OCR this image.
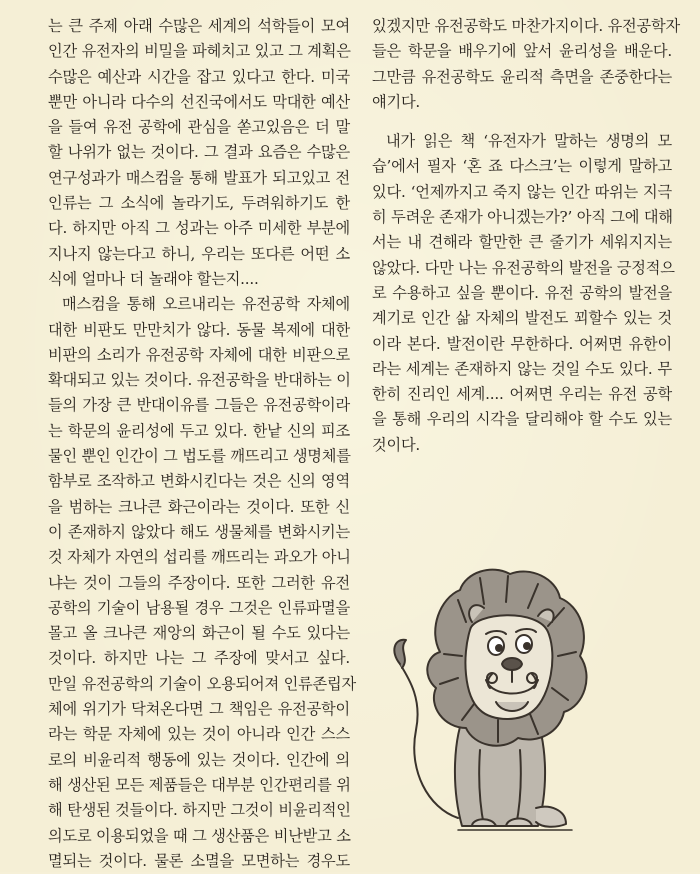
는 큰 주제 아래 수많은 세계의 석학들이 모여
인간 유전자의 비밀을 파헤치고 있고 그 계획은
수많은 예산과 시간을 잡고 있다고 한다. 미국
뿐만 아니라 다수의 선진국에서도 막대한 예산
을 들여 유전 공학에 관심을 쏟고있음은 더 말
할 나위가 없는 것이다. 그 결과 요즘은 수많은
연구성과가 매스컴을 통해 발표가 되고있고 전
인류는 그 소식에 놀라기도, 두려워하기도 한
다. 하지만 아직 그 성과는 아주 미세한 부분에
지나지 않는다고 하니, 우리는 또다른 어떤 소
식에 얼마나 더 놀래야 할는지....
매스컴을 통해 오르내리는 유전공학 자체에
대한 비판도 만만치가 않다. 동물 복제에 대한
비판의 소리가 유전공학 자체에 대한 비판으로
확대되고 있는 것이다. 유전공학을 반대하는 이
들의 가장 큰 반대이유를 그들은 유전공학이라
는 학문의 윤리성에 두고 있다. 한낱 신의 피조
물인 뿐인 인간이 그 법도를 깨뜨리고 생명체를
함부로 조작하고 변화시킨다는 것은 신의 영역
을 범하는 크나큰 화근이라는 것이다. 또한 신
이 존재하지 않았다 해도 생물체를 변화시키는
것 자체가 자연의 섭리를 깨뜨리는 과오가 아니
냐는 것이 그들의 주장이다. 또한 그러한 유전
공학의 기술이 남용될 경우 그것은 인류파멸을
몰고 올 크나큰 재앙의 화근이 될 수도 있다는
것이다. 하지만 나는 그 주장에 맞서고 싶다.
만일 유전공학의 기술이 오용되어져 인류존립자
체에 위기가 닥쳐온다면 그 책임은 유전공학이
라는 학문 자체에 있는 것이 아니라 인간 스스
로의 비윤리적 행동에 있는 것이다. 인간에 의
해 생산된 모든 제품들은 대부분 인간편리를 위
해 탄생된 것들이다. 하지만 그것이 비윤리적인
의도로 이용되었을 때 그 생산품은 비난받고 소
멸되는 것이다. 물론 소멸을 모면하는 경우도
있겠지만 유전공학도 마찬가지이다. 유전공학자
들은 학문을 배우기에 앞서 윤리성을 배운다.
그만큼 유전공학도 윤리적 측면을 존중한다는
얘기다.
내가 읽은 책 ‘유전자가 말하는 생명의 모
습’에서 필자 ‘혼 죠 다스크’는 이렇게 말하고
있다. ‘언제까지고 죽지 않는 인간 따위는 지극
히 두려운 존재가 아니겠는가?’ 아직 그에 대해
서는 내 견해라 할만한 큰 줄기가 세워지지는
않았다. 다만 나는 유전공학의 발전을 긍정적으
로 수용하고 싶을 뿐이다. 유전 공학의 발전을
계기로 인간 삶 자체의 발전도 꾀할수 있는 것
이라 본다. 발전이란 무한하다. 어쩌면 유한이
라는 세계는 존재하지 않는 것일 수도 있다. 무
한히 진리인 세계.... 어쩌면 우리는 유전 공학
을 통해 우리의 시각을 달리해야 할 수도 있는
것이다.
